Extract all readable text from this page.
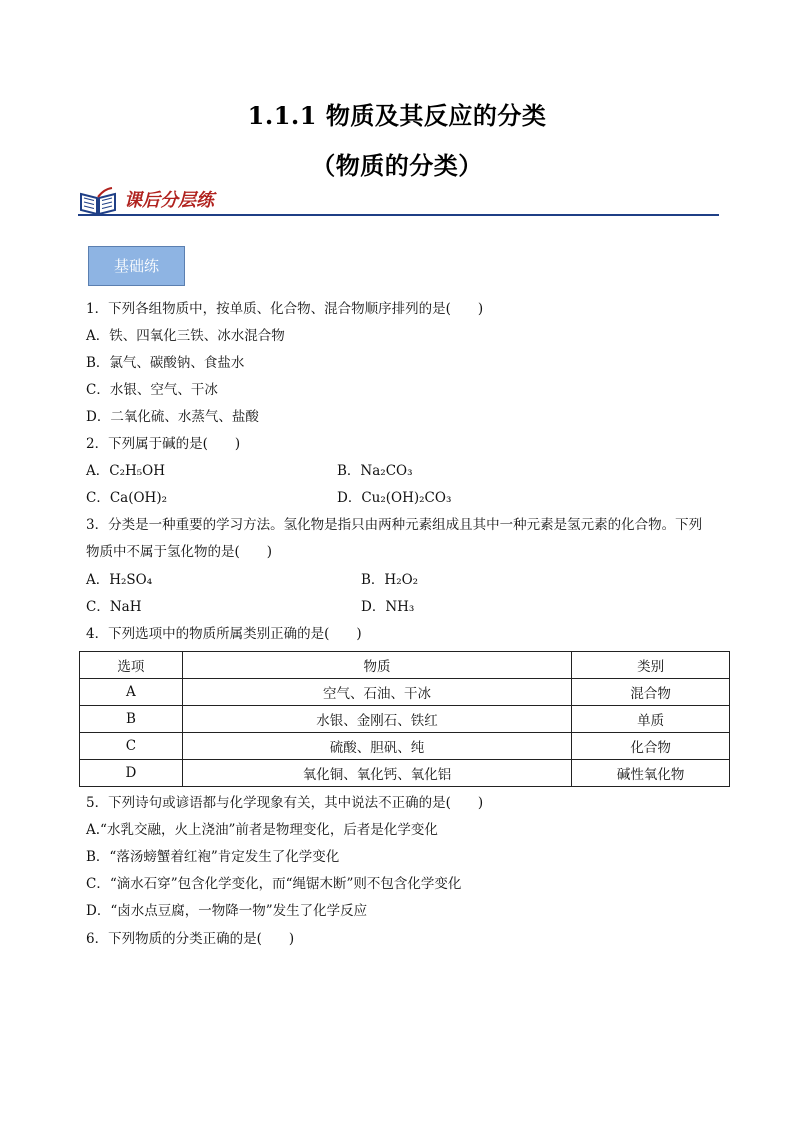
1.1.1 物质及其反应的分类
（物质的分类）
课后分层练
基础练
1．下列各组物质中，按单质、化合物、混合物顺序排列的是(　　)
A．铁、四氧化三铁、冰水混合物
B．氯气、碳酸钠、食盐水
C．水银、空气、干冰
D．二氧化硫、水蒸气、盐酸
2．下列属于碱的是(　　)
A．C₂H₅OH	B．Na₂CO₃
C．Ca(OH)₂	D．Cu₂(OH)₂CO₃
3．分类是一种重要的学习方法。氢化物是指只由两种元素组成且其中一种元素是氢元素的化合物。下列
物质中不属于氢化物的是(　　)
A．H₂SO₄	B．H₂O₂
C．NaH	D．NH₃
4．下列选项中的物质所属类别正确的是(　　)
选项	物质	类别
A	空气、石油、干冰	混合物
B	水银、金刚石、铁红	单质
C	硫酸、胆矾、纯	化合物
D	氧化铜、氧化钙、氧化铝	碱性氧化物
5．下列诗句或谚语都与化学现象有关，其中说法不正确的是(　　)
A.“水乳交融，火上浇油”前者是物理变化，后者是化学变化
B．“落汤螃蟹着红袍”肯定发生了化学变化
C．“滴水石穿”包含化学变化，而“绳锯木断”则不包含化学变化
D．“卤水点豆腐，一物降一物”发生了化学反应
6．下列物质的分类正确的是(　　)
